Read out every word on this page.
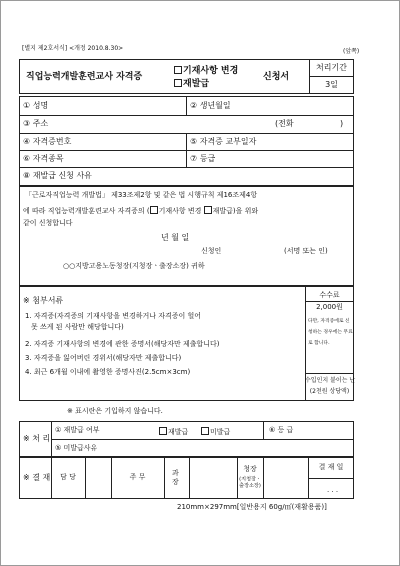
[별지 제2호서식] <개정 2010.8.30>	(앞쪽)
직업능력개발훈련교사 자격증
기재사항 변경
재발급
신청서
처리기간
3일
① 성명	② 생년월일
③ 주소	(전화	)
④ 자격증번호	⑤ 자격증 교부일자
⑥ 자격종목	⑦ 등급
⑧ 재발급 신청 사유
「근로자직업능력 개발법」 제33조제2항 및 같은 법 시행규칙 제16조제4항
에 따라 직업능력개발훈련교사 자격증의 ( 기재사항 변경 재발급)을 위와
같이 신청합니다
년 월 일
신청인	(서명 또는 인)
○○지방고용노동청장(지청장ㆍ출장소장) 귀하
※ 첨부서류
1. 자격증(자격증의 기재사항을 변경하거나 자격증이 헐어
못 쓰게 된 사람만 해당합니다)
2. 자격증 기재사항의 변경에 관한 증명서(해당자만 제출합니다)
3. 자격증을 잃어버린 경위서(해당자만 제출합니다)
4. 최근 6개월 이내에 촬영한 증명사진(2.5cm×3cm)
수수료
2,000원
다만, 자격증에로 신
청하는 경우에는 무료
로 합니다.
수입인지 붙이는 난
(2천원 상당액)
※ 표시란은 기입하지 않습니다.
※ 처 리
① 재발급 여부	재발급	미발급	⑥ 등 급
⑤ 미발급사유
※ 결 재	담 당	주 무	과 장
청장
(지청장ㆍ출장소장)
결 재 일
. . .
210mm×297mm[일반용지 60g/㎡(재활용품)]
